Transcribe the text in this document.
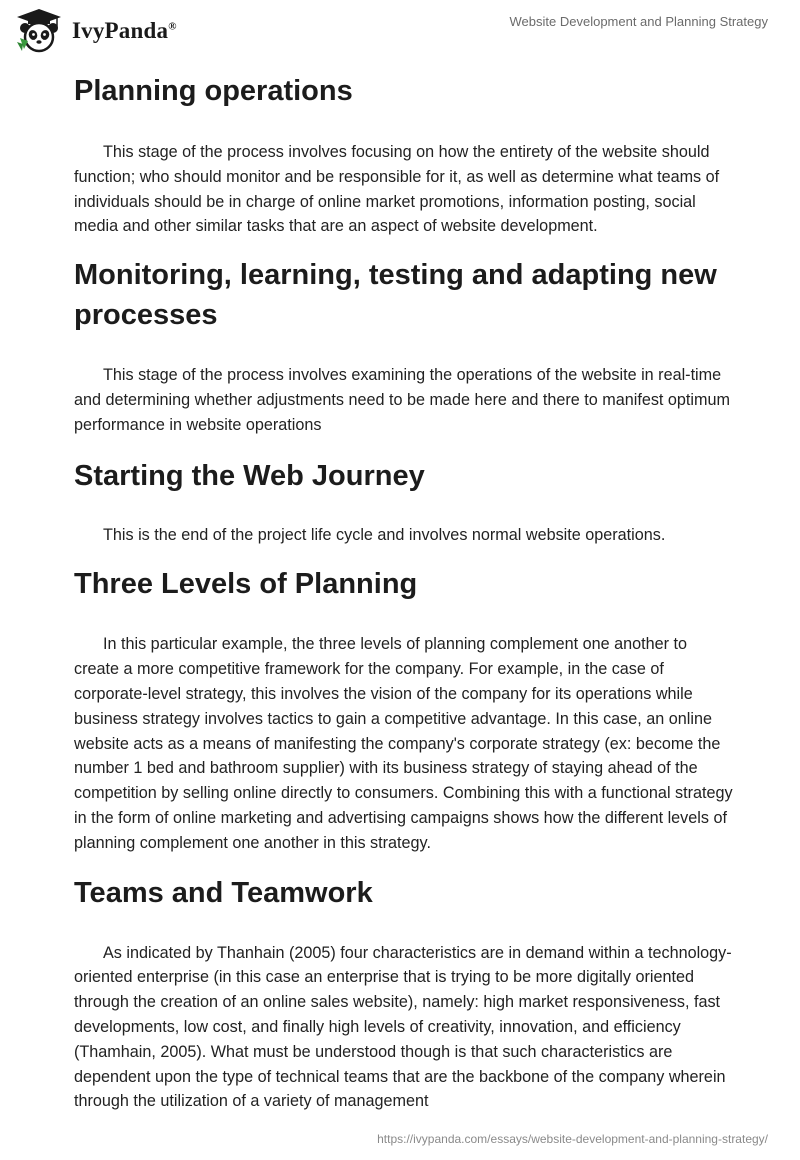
IvyPanda®	Website Development and Planning Strategy
Planning operations

This stage of the process involves focusing on how the entirety of the website should function; who should monitor and be responsible for it, as well as determine what teams of individuals should be in charge of online market promotions, information posting, social media and other similar tasks that are an aspect of website development.

Monitoring, learning, testing and adapting new processes

This stage of the process involves examining the operations of the website in real-time and determining whether adjustments need to be made here and there to manifest optimum performance in website operations

Starting the Web Journey

This is the end of the project life cycle and involves normal website operations.

Three Levels of Planning

In this particular example, the three levels of planning complement one another to create a more competitive framework for the company. For example, in the case of corporate-level strategy, this involves the vision of the company for its operations while business strategy involves tactics to gain a competitive advantage. In this case, an online website acts as a means of manifesting the company's corporate strategy (ex: become the number 1 bed and bathroom supplier) with its business strategy of staying ahead of the competition by selling online directly to consumers. Combining this with a functional strategy in the form of online marketing and advertising campaigns shows how the different levels of planning complement one another in this strategy.

Teams and Teamwork

As indicated by Thanhain (2005) four characteristics are in demand within a technology-oriented enterprise (in this case an enterprise that is trying to be more digitally oriented through the creation of an online sales website), namely: high market responsiveness, fast developments, low cost, and finally high levels of creativity, innovation, and efficiency (Thamhain, 2005). What must be understood though is that such characteristics are dependent upon the type of technical teams that are the backbone of the company wherein through the utilization of a variety of management

https://ivypanda.com/essays/website-development-and-planning-strategy/
